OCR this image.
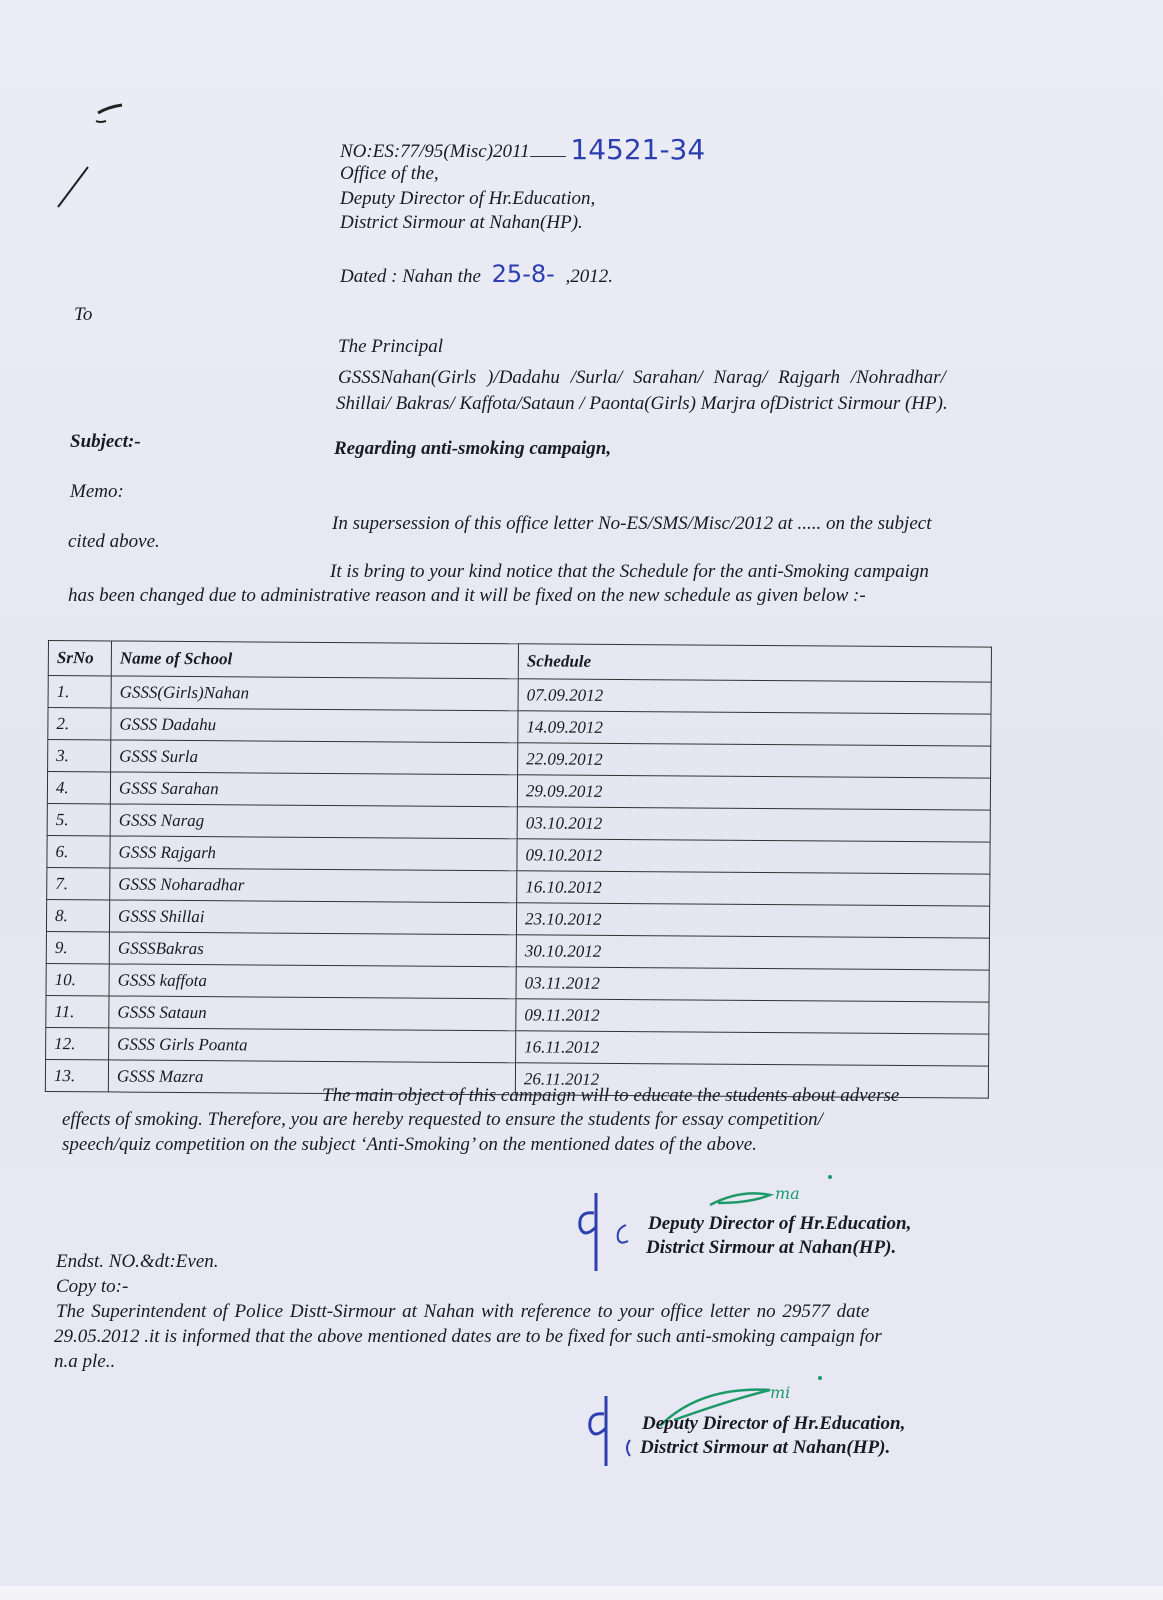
NO:ES:77/95(Misc)2011 14521-34
Office of the,
Deputy Director of Hr.Education,
District Sirmour at Nahan(HP).
Dated : Nahan the 25-8- ,2012.
To
The Principal
GSSSNahan(Girls )/Dadahu /Surla/ Sarahan/ Narag/ Rajgarh /Nohradhar/
Shillai/ Bakras/ Kaffota/Sataun / Paonta(Girls) Marjra ofDistrict Sirmour (HP).
Subject:-	Regarding anti-smoking campaign,
Memo:
In supersession of this office letter No-ES/SMS/Misc/2012 at ..... on the subject
cited above.
It is bring to your kind notice that the Schedule for the anti-Smoking campaign
has been changed due to administrative reason and it will be fixed on the new schedule as given below :-
SrNo	Name of School	Schedule
1.	GSSS(Girls)Nahan	07.09.2012
2.	GSSS Dadahu	14.09.2012
3.	GSSS Surla	22.09.2012
4.	GSSS Sarahan	29.09.2012
5.	GSSS Narag	03.10.2012
6.	GSSS Rajgarh	09.10.2012
7.	GSSS Noharadhar	16.10.2012
8.	GSSS Shillai	23.10.2012
9.	GSSSBakras	30.10.2012
10.	GSSS kaffota	03.11.2012
11.	GSSS Sataun	09.11.2012
12.	GSSS Girls Poanta	16.11.2012
13.	GSSS Mazra	26.11.2012
The main object of this campaign will to educate the students about adverse
effects of smoking. Therefore, you are hereby requested to ensure the students for essay competition/
speech/quiz competition on the subject ‘Anti-Smoking’ on the mentioned dates of the above.
ma
Deputy Director of Hr.Education,
District Sirmour at Nahan(HP).
Endst. NO.&dt:Even.
Copy to:-
The Superintendent of Police Distt-Sirmour at Nahan with reference to your office letter no 29577 date
29.05.2012 .it is informed that the above mentioned dates are to be fixed for such anti-smoking campaign for
n.a ple..
mi
Deputy Director of Hr.Education,
District Sirmour at Nahan(HP).
